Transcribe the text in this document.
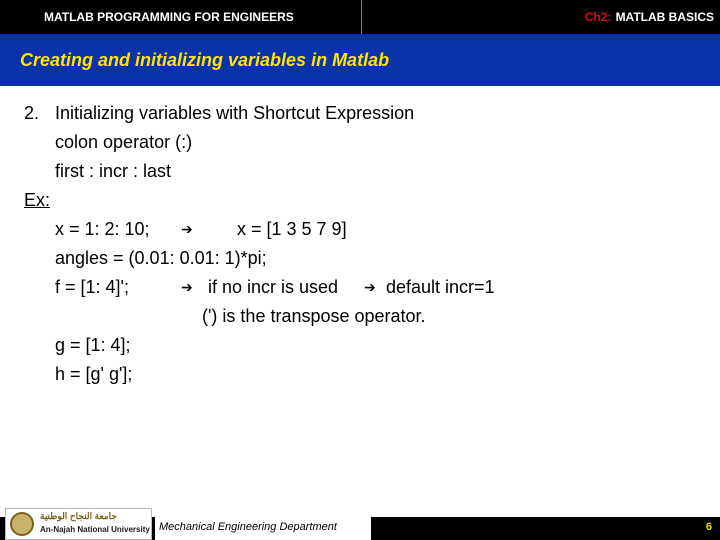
MATLAB PROGRAMMING FOR ENGINEERS	Ch2: MATLAB BASICS
Creating and initializing variables in Matlab
2. Initializing variables with Shortcut Expression
colon operator (:)
first : incr : last
Ex:
x = 1: 2: 10;	➔	x = [1 3 5 7 9]
angles = (0.01: 0.01: 1)*pi;
f = [1: 4]';	➔ if no incr is used	➔ default incr=1
(') is the transpose operator.
g = [1: 4];
h = [g' g'];
جامعة النجاح الوطنية
An-Najah National University Mechanical Engineering Department	6
